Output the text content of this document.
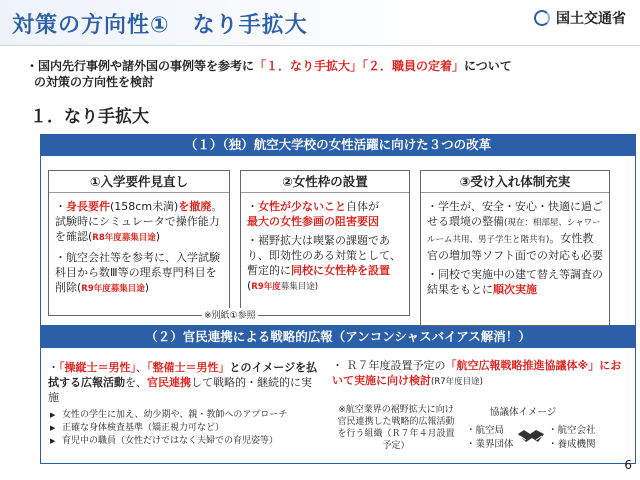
対策の方向性①　なり手拡大	国土交通省
・国内先行事例や諸外国の事例等を参考に「１．なり手拡大」「２．職員の定着」について
の対策の方向性を検討
１．なり手拡大
（１）（独）航空大学校の女性活躍に向けた３つの改革
①入学要件見直し

・身長要件(158cm未満)を撤廃。試験時にシミュレータで操作能力を確認(R8年度募集目途)

・航空会社等を参考に、入学試験科目から数Ⅲ等の理系専門科目を削除(R9年度募集目途)

②女性枠の設置

・女性が少ないこと自体が
最大の女性参画の阻害要因

・裾野拡大は喫緊の課題であり、即効性のある対策として、暫定的に同校に女性枠を設置(R9年度募集目途)

③受け入れ体制充実

・学生が、安全・安心・快適に過ごせる環境の整備(現在：相部屋、シャワールーム共用、男子学生と階共有)。女性教官の増加等ソフト面での対応も必要

・同校で実施中の建て替え等調査の結果をもとに順次実施

※別紙①参照
（２）官民連携による戦略的広報（アンコンシャスバイアス解消！）
・「操縦士＝男性」、「整備士＝男性」とのイメージを払拭する広報活動を、官民連携して戦略的・継続的に実施
▶ 女性の学生に加え、幼少期や、親・教師へのアプローチ
▶ 正確な身体検査基準（矯正視力可など）
▶ 育児中の職員（女性だけではなく夫婦での育児姿等）
・ Ｒ７年度設置予定の「航空広報戦略推進協議体※」において実施に向け検討(R7年度目途)
※航空業界の裾野拡大に向け官民連携した戦略的広報活動を行う組織（Ｒ７年４月設置予定）
協議体イメージ
・航空局
・業界団体
・航空会社
・養成機関
6
